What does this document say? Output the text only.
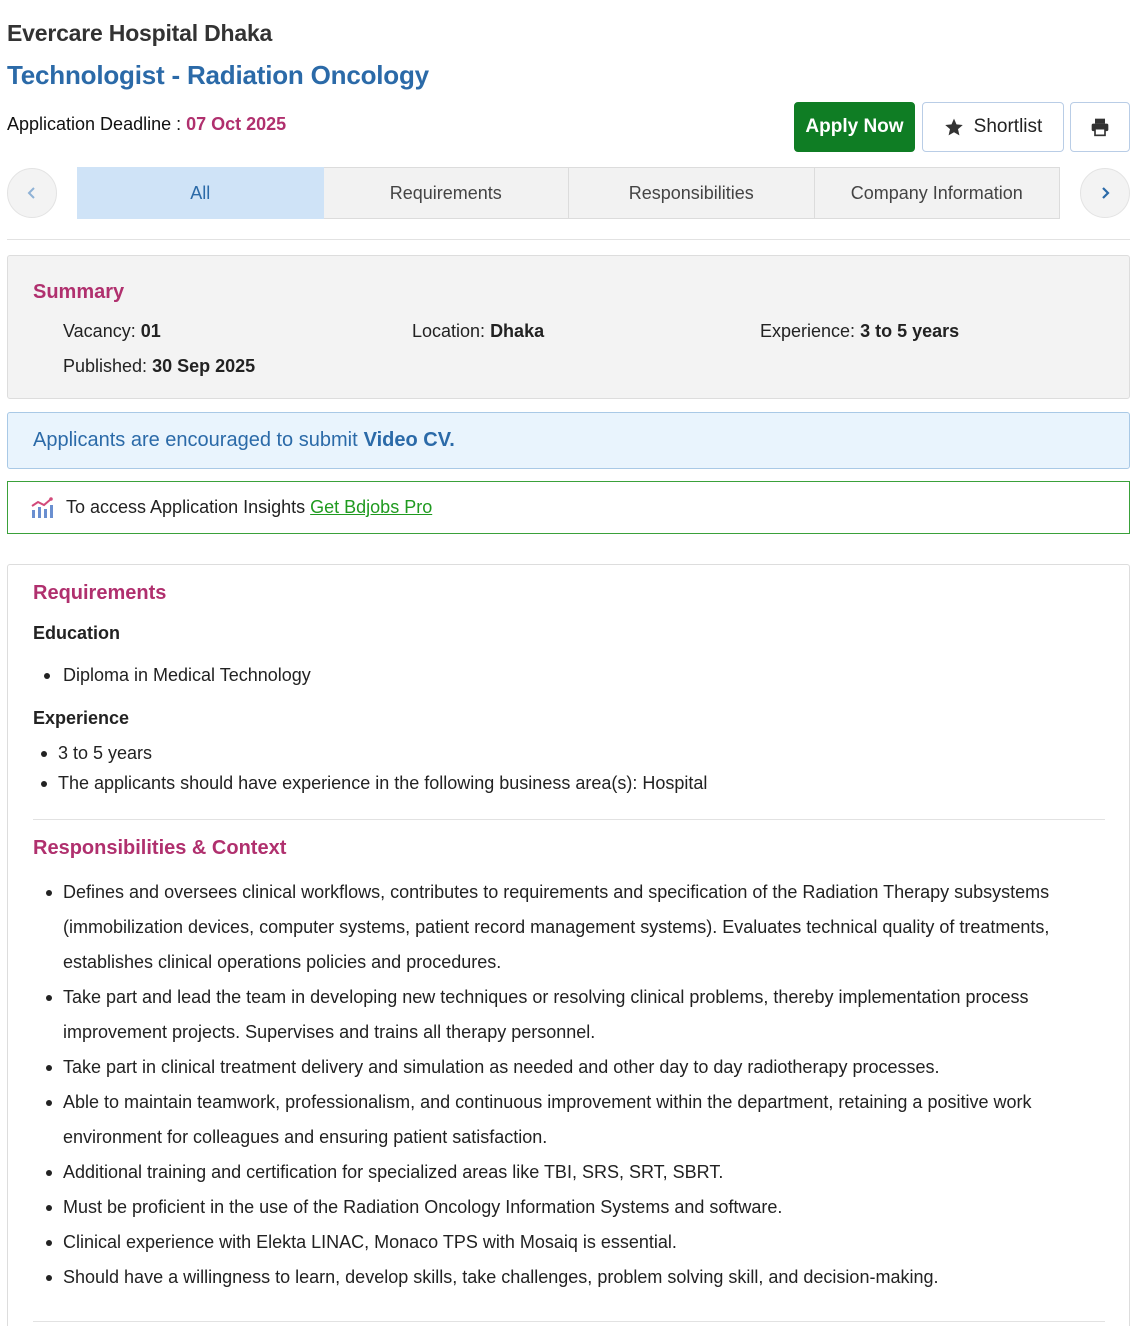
Evercare Hospital Dhaka
Technologist - Radiation Oncology
Application Deadline : 07 Oct 2025	Apply Now	Shortlist
All	Requirements	Responsibilities	Company Information
Summary
Vacancy: 01	Location: Dhaka	Experience: 3 to 5 years
Published: 30 Sep 2025
Applicants are encouraged to submit Video CV.
To access Application Insights Get Bdjobs Pro
Requirements
Education
Diploma in Medical Technology
Experience
3 to 5 years
The applicants should have experience in the following business area(s): Hospital
Responsibilities & Context
Defines and oversees clinical workflows, contributes to requirements and specification of the Radiation Therapy subsystems (immobilization devices, computer systems, patient record management systems). Evaluates technical quality of treatments, establishes clinical operations policies and procedures.
Take part and lead the team in developing new techniques or resolving clinical problems, thereby implementation process improvement projects. Supervises and trains all therapy personnel.
Take part in clinical treatment delivery and simulation as needed and other day to day radiotherapy processes.
Able to maintain teamwork, professionalism, and continuous improvement within the department, retaining a positive work environment for colleagues and ensuring patient satisfaction.
Additional training and certification for specialized areas like TBI, SRS, SRT, SBRT.
Must be proficient in the use of the Radiation Oncology Information Systems and software.
Clinical experience with Elekta LINAC, Monaco TPS with Mosaiq is essential.
Should have a willingness to learn, develop skills, take challenges, problem solving skill, and decision-making.
